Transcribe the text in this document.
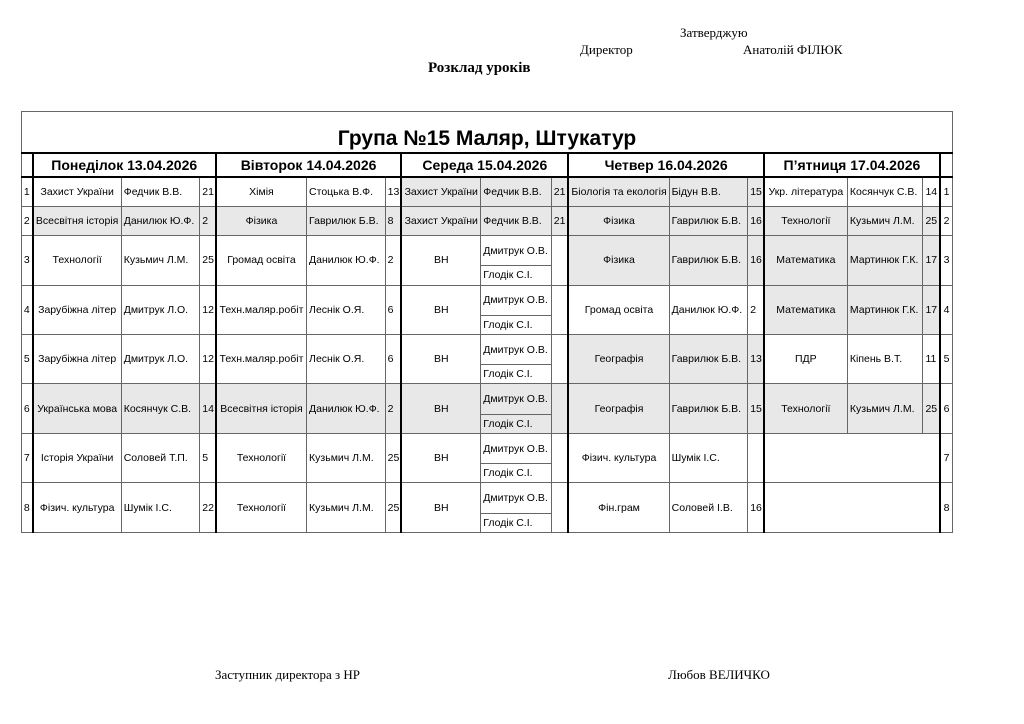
Затверджую
Директор	Анатолій ФІЛЮК
Розклад уроків

Група №15 Маляр, Штукатур																
	Понеділок 13.04.2026			Вівторок 14.04.2026			Середа 15.04.2026			Четвер 16.04.2026			П’ятниця 17.04.2026			
1	Захист України	Федчик В.В.	21	Хімія	Стоцька В.Ф.	13	Захист України	Федчик В.В.	21	Біологія та екологія	Бідун В.В.	15	Укр. література	Косянчук С.В.	14	1
2	Всесвітня історія	Данилюк Ю.Ф.	2	Фізика	Гаврилюк Б.В.	8	Захист України	Федчик В.В.	21	Фізика	Гаврилюк Б.В.	16	Технології	Кузьмич Л.М.	25	2
3	Технології	Кузьмич Л.М.	25	Громад освіта	Данилюк Ю.Ф.	2	ВН	Дмитрук О.В.		Фізика	Гаврилюк Б.В.	16	Математика	Мартинюк Г.К.	17	3
								Глодік С.І.								
4	Зарубіжна літер	Дмитрук Л.О.	12	Техн.маляр.робіт	Леснік О.Я.	6	ВН	Дмитрук О.В.		Громад освіта	Данилюк Ю.Ф.	2	Математика	Мартинюк Г.К.	17	4
								Глодік С.І.								
5	Зарубіжна літер	Дмитрук Л.О.	12	Техн.маляр.робіт	Леснік О.Я.	6	ВН	Дмитрук О.В.		Географія	Гаврилюк Б.В.	13	ПДР	Кіпень В.Т.	11	5
								Глодік С.І.								
6	Українська мова	Косянчук С.В.	14	Всесвітня історія	Данилюк Ю.Ф.	2	ВН	Дмитрук О.В.		Географія	Гаврилюк Б.В.	15	Технології	Кузьмич Л.М.	25	6
								Глодік С.І.								
7	Історія України	Соловей Т.П.	5	Технології	Кузьмич Л.М.	25	ВН	Дмитрук О.В.		Фізич. культура	Шумік І.С.					7
								Глодік С.І.								
8	Фізич. культура	Шумік І.С.	22	Технології	Кузьмич Л.М.	25	ВН	Дмитрук О.В.		Фін.грам	Соловей І.В.	16				8
								Глодік С.І.								
Заступник директора з НР	Любов ВЕЛИЧКО
